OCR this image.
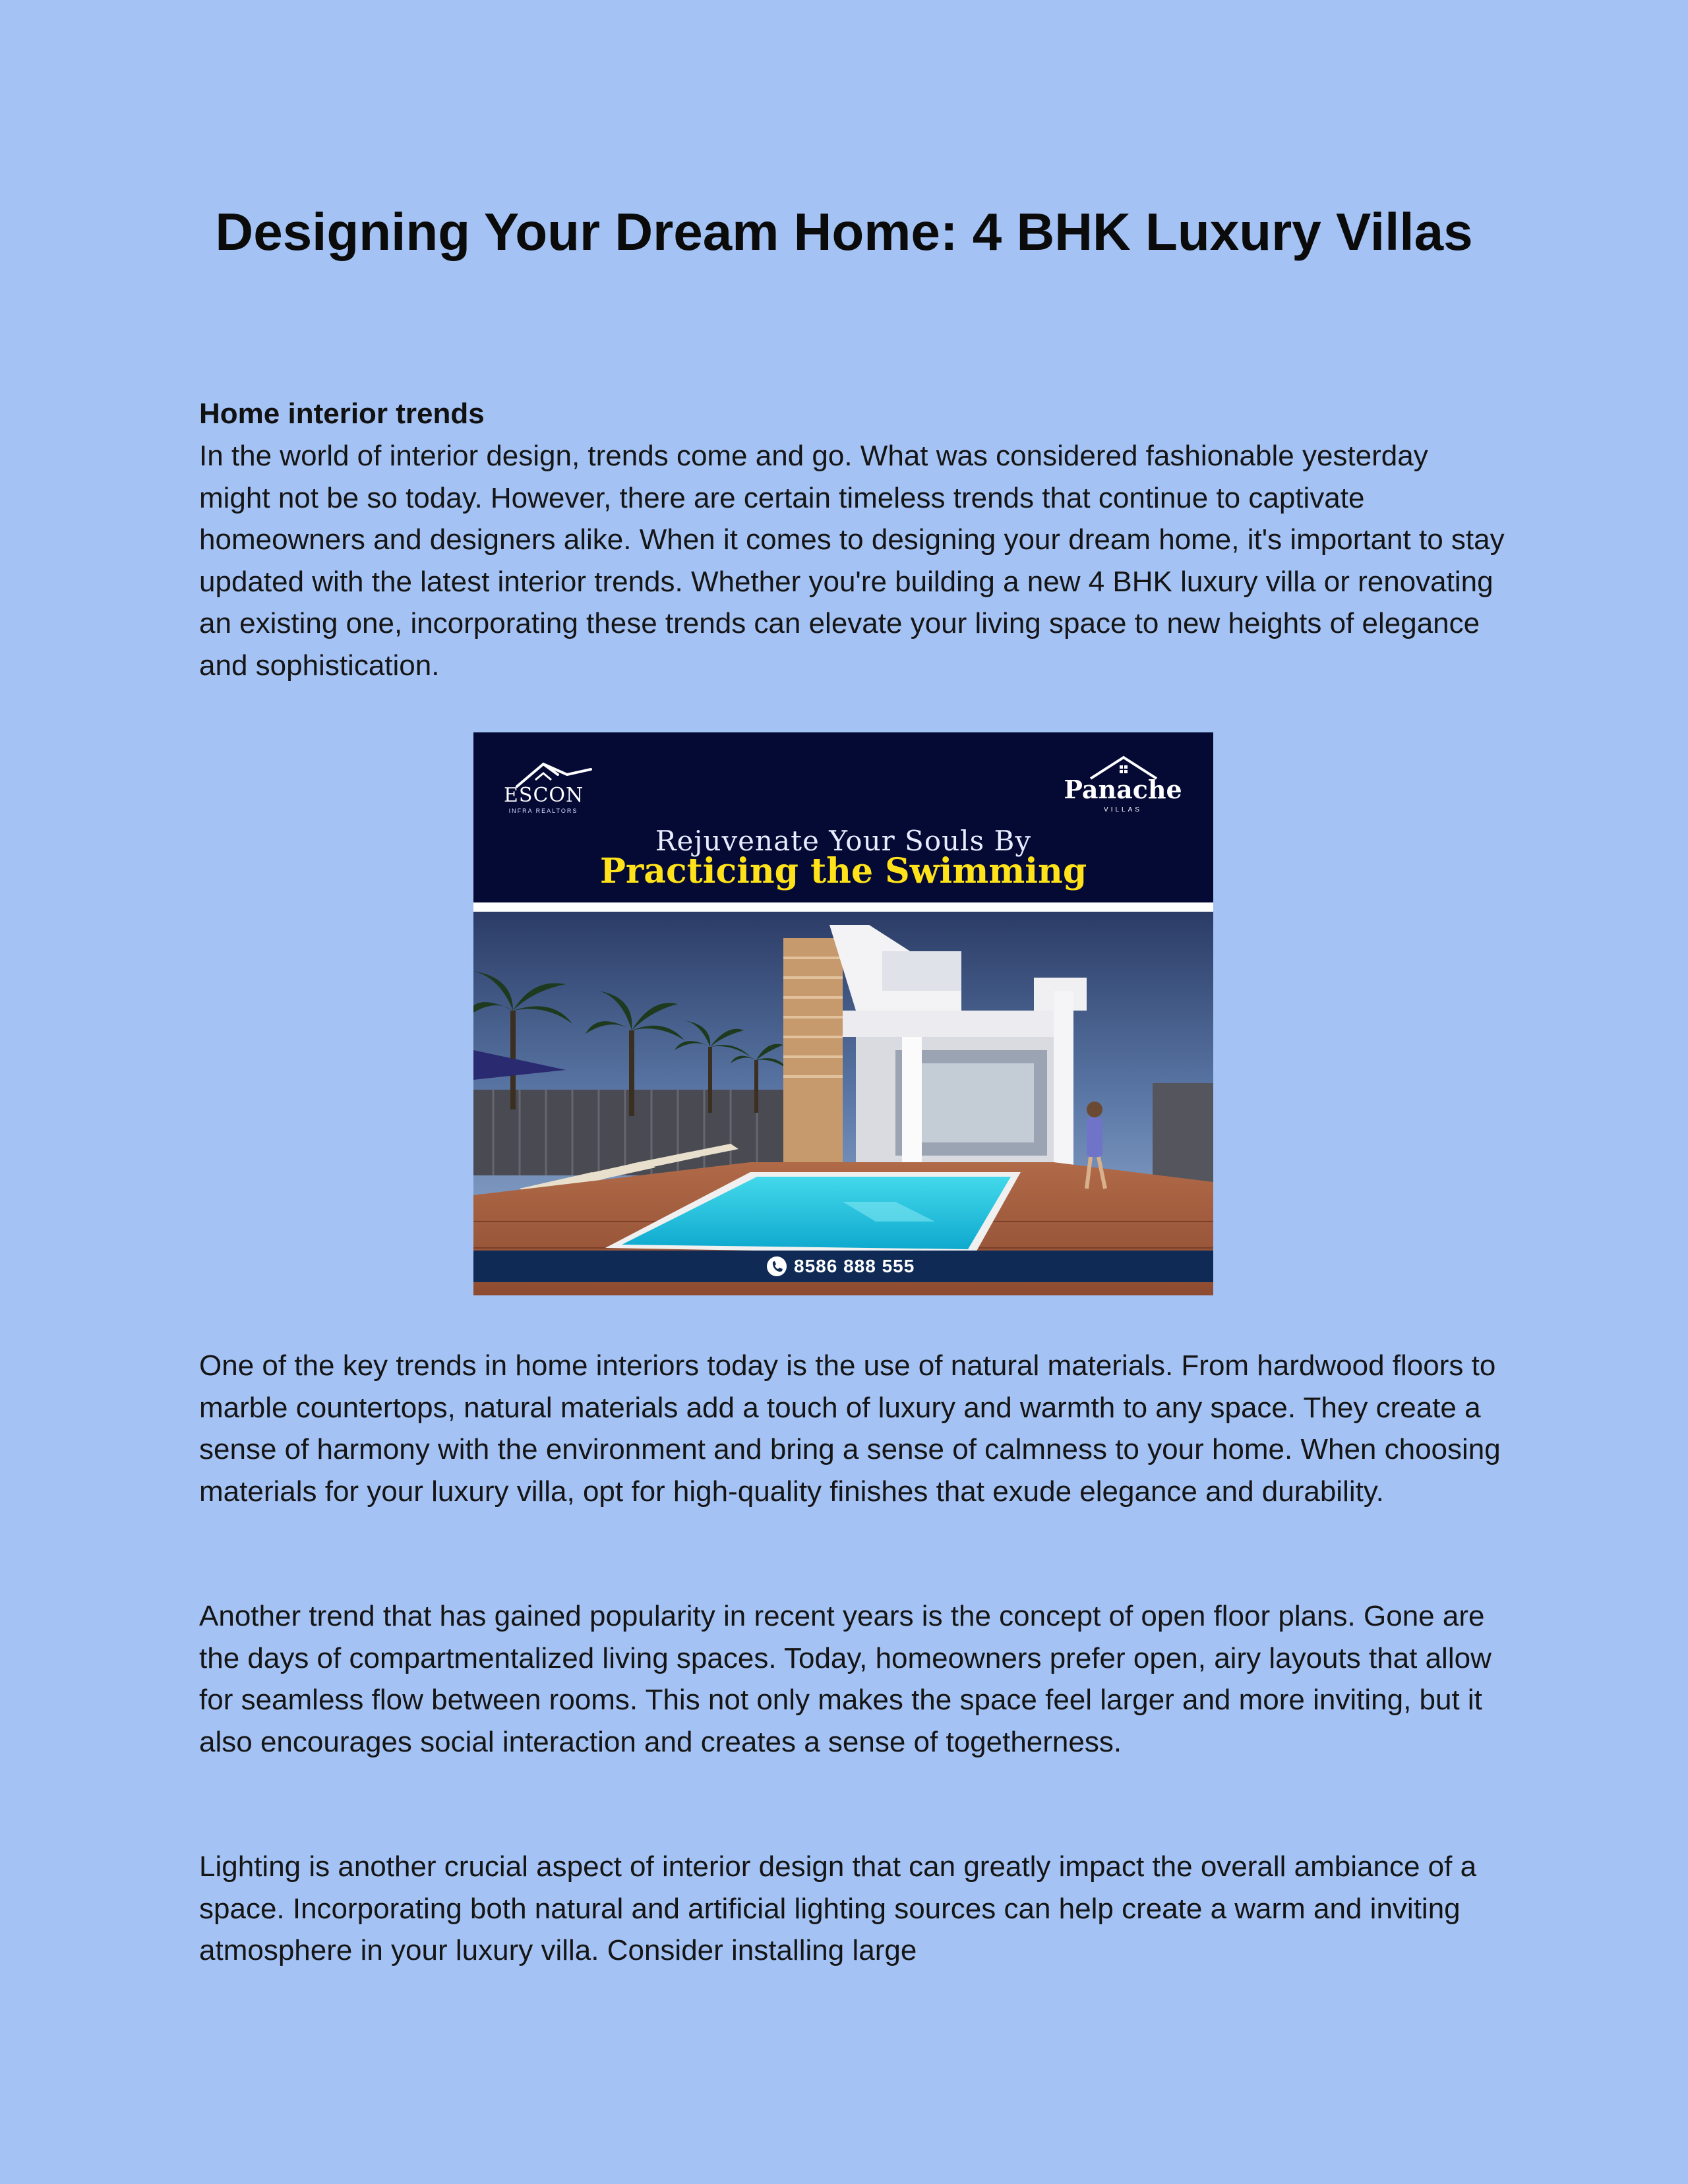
Designing Your Dream Home: 4 BHK Luxury Villas
Home interior trends

In the world of interior design, trends come and go. What was considered fashionable yesterday might not be so today. However, there are certain timeless trends that continue to captivate homeowners and designers alike. When it comes to designing your dream home, it's important to stay updated with the latest interior trends. Whether you're building a new 4 BHK luxury villa or renovating an existing one, incorporating these trends can elevate your living space to new heights of elegance and sophistication.

ESCON
INFRA REALTORS
Panache
VILLAS
Rejuvenate Your Souls By
Practicing the Swimming
8586 888 555

One of the key trends in home interiors today is the use of natural materials. From hardwood floors to marble countertops, natural materials add a touch of luxury and warmth to any space. They create a sense of harmony with the environment and bring a sense of calmness to your home. When choosing materials for your luxury villa, opt for high-quality finishes that exude elegance and durability.

Another trend that has gained popularity in recent years is the concept of open floor plans. Gone are the days of compartmentalized living spaces. Today, homeowners prefer open, airy layouts that allow for seamless flow between rooms. This not only makes the space feel larger and more inviting, but it also encourages social interaction and creates a sense of togetherness.

Lighting is another crucial aspect of interior design that can greatly impact the overall ambiance of a space. Incorporating both natural and artificial lighting sources can help create a warm and inviting atmosphere in your luxury villa. Consider installing large
